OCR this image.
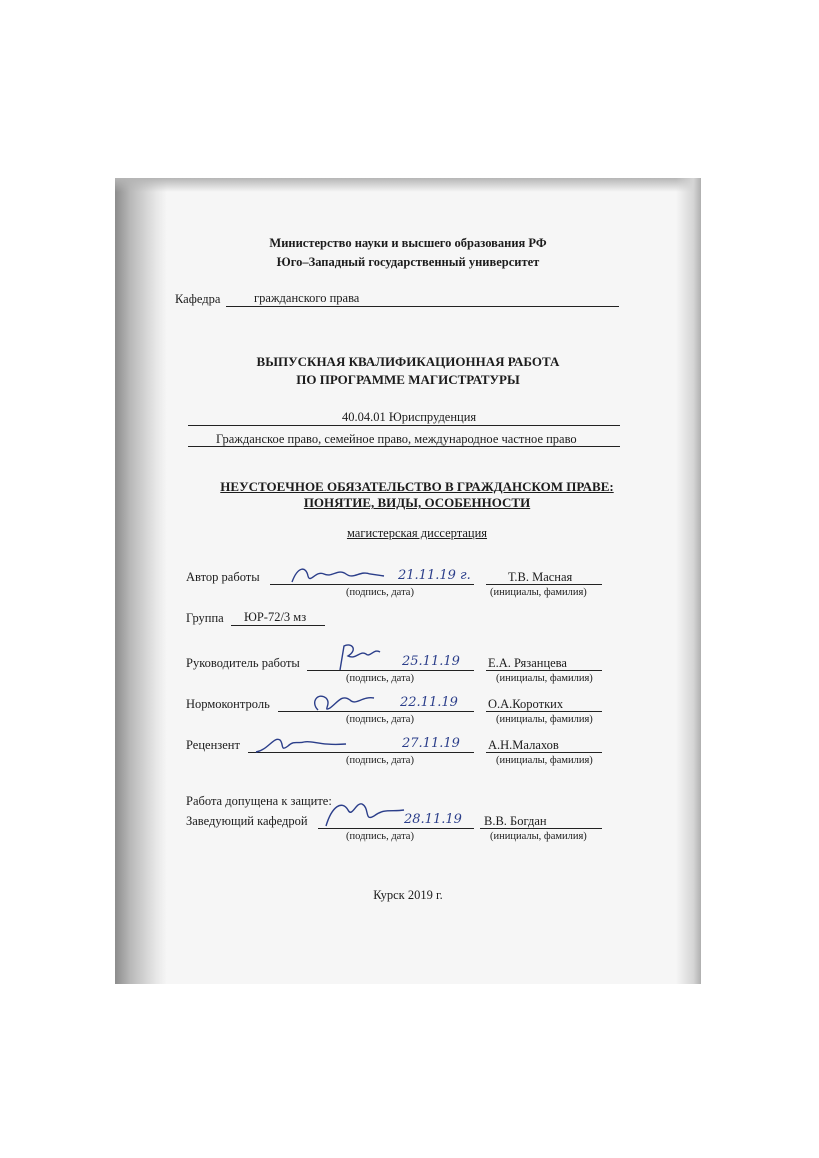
Министерство науки и высшего образования РФ
Юго–Западный государственный университет
Кафедра	гражданского права
ВЫПУСКНАЯ КВАЛИФИКАЦИОННАЯ РАБОТА
ПО ПРОГРАММЕ МАГИСТРАТУРЫ
40.04.01 Юриспруденция
Гражданское право, семейное право, международное частное право
НЕУСТОЕЧНОЕ ОБЯЗАТЕЛЬСТВО В ГРАЖДАНСКОМ ПРАВЕ:
ПОНЯТИЕ, ВИДЫ, ОСОБЕННОСТИ
магистерская диссертация
Автор работы	21.11.19 г.	Т.В. Масная
(подпись, дата)	(инициалы, фамилия)
Группа ЮР-72/3 мз
Руководитель работы	25.11.19 Е.А. Рязанцева
(подпись, дата)	(инициалы, фамилия)
Нормоконтроль	22.11.19 О.А.Коротких
(подпись, дата)	(инициалы, фамилия)
Рецензент	27.11.19 А.Н.Малахов
(подпись, дата)	(инициалы, фамилия)
Работа допущена к защите:
Заведующий кафедрой	28.11.19 В.В. Богдан
(подпись, дата)	(инициалы, фамилия)
Курск 2019 г.
